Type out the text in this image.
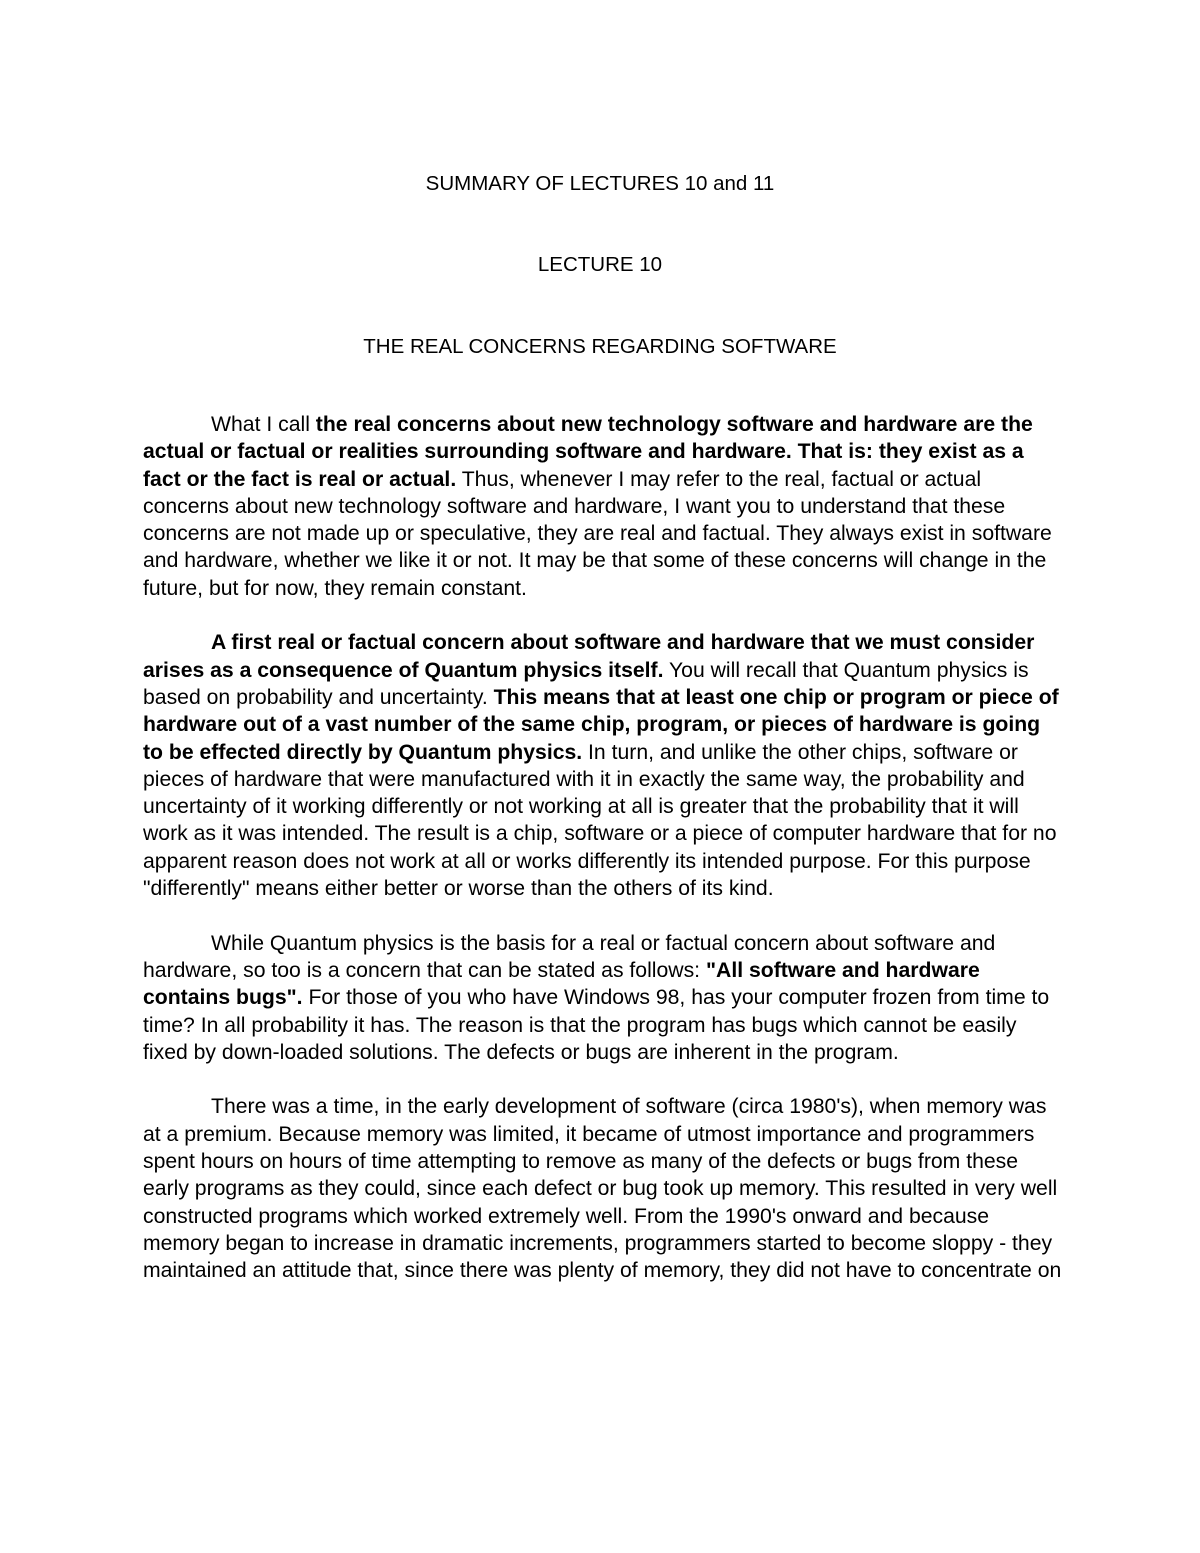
SUMMARY OF LECTURES 10 and 11
LECTURE 10
THE REAL CONCERNS REGARDING SOFTWARE

What I call the real concerns about new technology software and hardware are the actual or factual or realities surrounding software and hardware. That is: they exist as a fact or the fact is real or actual. Thus, whenever I may refer to the real, factual or actual concerns about new technology software and hardware, I want you to understand that these concerns are not made up or speculative, they are real and factual. They always exist in software and hardware, whether we like it or not. It may be that some of these concerns will change in the future, but for now, they remain constant.

A first real or factual concern about software and hardware that we must consider arises as a consequence of Quantum physics itself. You will recall that Quantum physics is based on probability and uncertainty. This means that at least one chip or program or piece of hardware out of a vast number of the same chip, program, or pieces of hardware is going to be effected directly by Quantum physics. In turn, and unlike the other chips, software or pieces of hardware that were manufactured with it in exactly the same way, the probability and uncertainty of it working differently or not working at all is greater that the probability that it will work as it was intended. The result is a chip, software or a piece of computer hardware that for no apparent reason does not work at all or works differently its intended purpose. For this purpose "differently" means either better or worse than the others of its kind.

While Quantum physics is the basis for a real or factual concern about software and hardware, so too is a concern that can be stated as follows: "All software and hardware contains bugs". For those of you who have Windows 98, has your computer frozen from time to time? In all probability it has. The reason is that the program has bugs which cannot be easily fixed by down-loaded solutions. The defects or bugs are inherent in the program.

There was a time, in the early development of software (circa 1980's), when memory was at a premium. Because memory was limited, it became of utmost importance and programmers spent hours on hours of time attempting to remove as many of the defects or bugs from these early programs as they could, since each defect or bug took up memory. This resulted in very well constructed programs which worked extremely well. From the 1990's onward and because memory began to increase in dramatic increments, programmers started to become sloppy - they maintained an attitude that, since there was plenty of memory, they did not have to concentrate on
